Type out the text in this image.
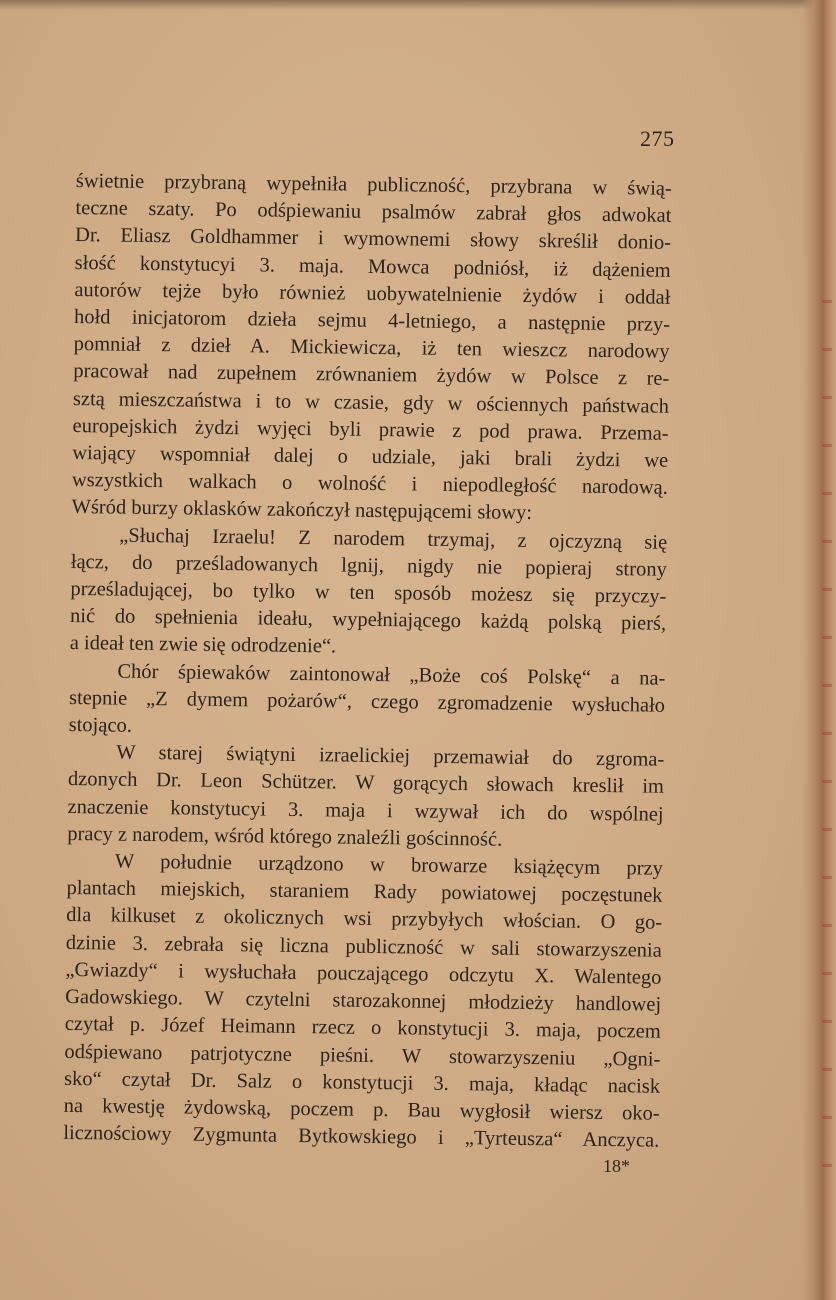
275
świetnie przybraną wypełniła publiczność, przybrana w świą-
teczne szaty. Po odśpiewaniu psalmów zabrał głos adwokat
Dr. Eliasz Goldhammer i wymownemi słowy skreślił donio-
słość konstytucyi 3. maja. Mowca podniósł, iż dążeniem
autorów tejże było również uobywatelnienie żydów i oddał
hołd inicjatorom dzieła sejmu 4-letniego, a następnie przy-
pomniał z dzieł A. Mickiewicza, iż ten wieszcz narodowy
pracował nad zupełnem zrównaniem żydów w Polsce z re-
sztą mieszczaństwa i to w czasie, gdy w ościennych państwach
europejskich żydzi wyjęci byli prawie z pod prawa. Przema-
wiający wspomniał dalej o udziale, jaki brali żydzi we
wszystkich walkach o wolność i niepodległość narodową.
Wśród burzy oklasków zakończył następującemi słowy:
„Słuchaj Izraelu! Z narodem trzymaj, z ojczyzną się
łącz, do prześladowanych lgnij, nigdy nie popieraj strony
prześladującej, bo tylko w ten sposób możesz się przyczy-
nić do spełnienia ideału, wypełniającego każdą polską pierś,
a ideał ten zwie się odrodzenie“.
Chór śpiewaków zaintonował „Boże coś Polskę“ a na-
stepnie „Z dymem pożarów“, czego zgromadzenie wysłuchało
stojąco.
W starej świątyni izraelickiej przemawiał do zgroma-
dzonych Dr. Leon Schützer. W gorących słowach kreslił im
znaczenie konstytucyi 3. maja i wzywał ich do wspólnej
pracy z narodem, wśród którego znaleźli gościnność.
W południe urządzono w browarze książęcym przy
plantach miejskich, staraniem Rady powiatowej poczęstunek
dla kilkuset z okolicznych wsi przybyłych włościan. O go-
dzinie 3. zebrała się liczna publiczność w sali stowarzyszenia
„Gwiazdy“ i wysłuchała pouczającego odczytu X. Walentego
Gadowskiego. W czytelni starozakonnej młodzieży handlowej
czytał p. Józef Heimann rzecz o konstytucji 3. maja, poczem
odśpiewano patrjotyczne pieśni. W stowarzyszeniu „Ogni-
sko“ czytał Dr. Salz o konstytucji 3. maja, kładąc nacisk
na kwestję żydowską, poczem p. Bau wygłosił wiersz oko-
licznościowy Zygmunta Bytkowskiego i „Tyrteusza“ Anczyca.
18*
